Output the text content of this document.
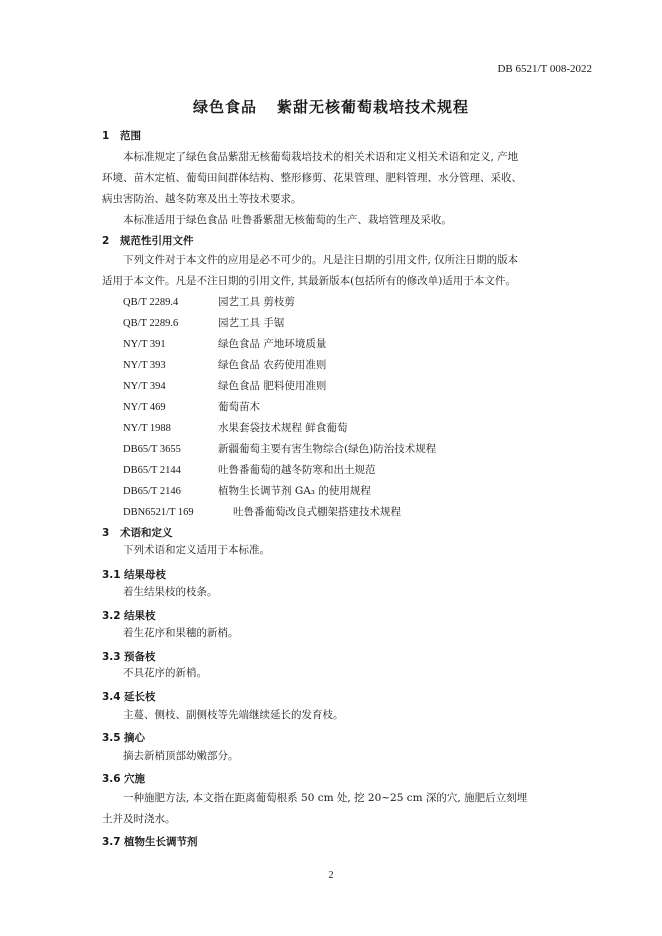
DB 6521/T 008-2022
绿色食品 紫甜无核葡萄栽培技术规程
1 范围
本标准规定了绿色食品紫甜无核葡萄栽培技术的相关术语和定义相关术语和定义, 产地
环境、苗木定植、葡萄田间群体结构、整形修剪、花果管理、肥料管理、水分管理、采收、
病虫害防治、越冬防寒及出土等技术要求。
本标准适用于绿色食品 吐鲁番紫甜无核葡萄的生产、栽培管理及采收。
2 规范性引用文件
下列文件对于本文件的应用是必不可少的。凡是注日期的引用文件, 仅所注日期的版本
适用于本文件。凡是不注日期的引用文件, 其最新版本(包括所有的修改单)适用于本文件。
QB/T 2289.4	园艺工具 剪枝剪
QB/T 2289.6	园艺工具 手锯
NY/T 391	绿色食品 产地环境质量
NY/T 393	绿色食品 农药使用准则
NY/T 394	绿色食品 肥料使用准则
NY/T 469	葡萄苗木
NY/T 1988	水果套袋技术规程 鲜食葡萄
DB65/T 3655	新疆葡萄主要有害生物综合(绿色)防治技术规程
DB65/T 2144	吐鲁番葡萄的越冬防寒和出土规范
DB65/T 2146	植物生长调节剂 GA₃ 的使用规程
DBN6521/T 169	吐鲁番葡萄改良式棚架搭建技术规程
3 术语和定义
下列术语和定义适用于本标准。
3.1 结果母枝
着生结果枝的枝条。
3.2 结果枝
着生花序和果穗的新梢。
3.3 预备枝
不具花序的新梢。
3.4 延长枝
主蔓、侧枝、副侧枝等先端继续延长的发育枝。
3.5 摘心
摘去新梢顶部幼嫩部分。
3.6 穴施
一种施肥方法, 本文指在距离葡萄根系 50 cm 处, 挖 20~25 cm 深的穴, 施肥后立刻埋
土并及时浇水。
3.7 植物生长调节剂
2
